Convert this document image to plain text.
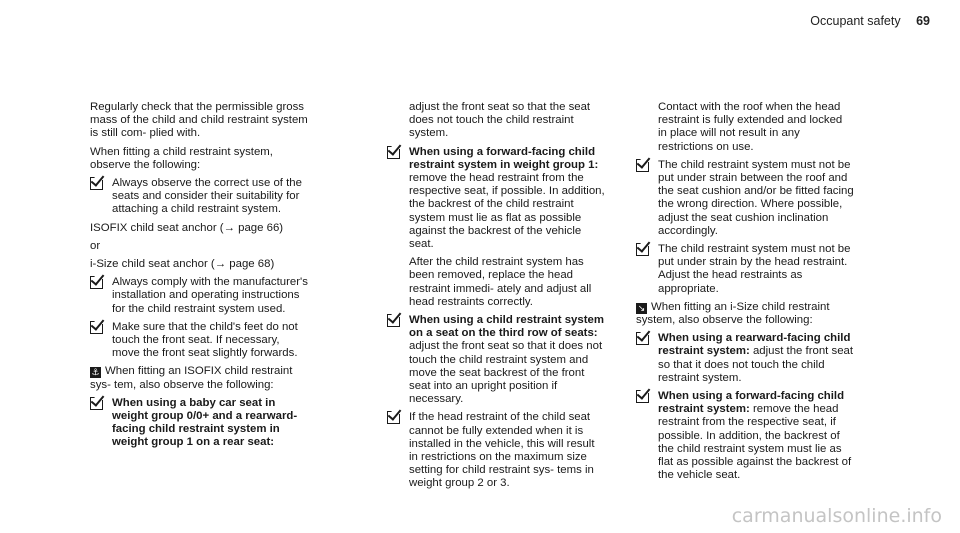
Occupant safety 69

Regularly check that the permissible gross mass of the child and child restraint system is still com- plied with.

When fitting a child restraint system, observe the following:

Always observe the correct use of the seats and consider their suitability for attaching a child restraint system.

ISOFIX child seat anchor (→ page 66)

or

i-Size child seat anchor (→ page 68)

Always comply with the manufacturer's installation and operating instructions for the child restraint system used.
Make sure that the child's feet do not touch the front seat. If necessary, move the front seat slightly forwards.

⚓ When fitting an ISOFIX child restraint sys- tem, also observe the following:

When using a baby car seat in weight group 0/0+ and a rearward-facing child restraint system in weight group 1 on a rear seat:

adjust the front seat so that the seat does not touch the child restraint system.

When using a forward-facing child restraint system in weight group 1: remove the head restraint from the respective seat, if possible. In addition, the backrest of the child restraint system must lie as flat as possible against the backrest of the vehicle seat.

After the child restraint system has been removed, replace the head restraint immedi- ately and adjust all head restraints correctly.

When using a child restraint system on a seat on the third row of seats: adjust the front seat so that it does not touch the child restraint system and move the seat backrest of the front seat into an upright position if necessary.
If the head restraint of the child seat cannot be fully extended when it is installed in the vehicle, this will result in restrictions on the maximum size setting for child restraint sys- tems in weight group 2 or 3.

Contact with the roof when the head restraint is fully extended and locked in place will not result in any restrictions on use.

The child restraint system must not be put under strain between the roof and the seat cushion and/or be fitted facing the wrong direction. Where possible, adjust the seat cushion inclination accordingly.
The child restraint system must not be put under strain by the head restraint. Adjust the head restraints as appropriate.

↘ When fitting an i-Size child restraint system, also observe the following:

When using a rearward-facing child restraint system: adjust the front seat so that it does not touch the child restraint system.
When using a forward-facing child restraint system: remove the head restraint from the respective seat, if possible. In addition, the backrest of the child restraint system must lie as flat as possible against the backrest of the vehicle seat.
carmanualsonline.info
